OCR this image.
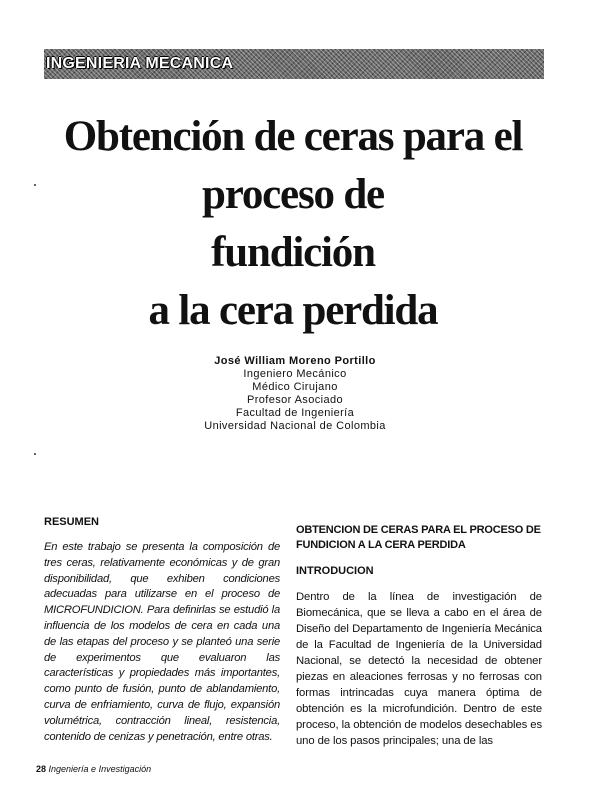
INGENIERIA MECANICA
Obtención de ceras para el
proceso de
fundición
a la cera perdida
José William Moreno Portillo
Ingeniero Mecánico
Médico Cirujano
Profesor Asociado
Facultad de Ingeniería
Universidad Nacional de Colombia
RESUMEN

En este trabajo se presenta la composición de tres ceras, relativamente económicas y de gran disponibilidad, que exhiben condiciones adecuadas para utilizarse en el proceso de MICROFUNDICION. Para definirlas se estudió la influencia de los modelos de cera en cada una de las etapas del proceso y se planteó una serie de experimentos que evaluaron las características y propiedades más importantes, como punto de fusión, punto de ablandamiento, curva de enfriamiento, curva de flujo, expansión volumétrica, contracción lineal, resistencia, contenido de cenizas y penetración, entre otras.

OBTENCION DE CERAS PARA EL PROCESO DE FUNDICION A LA CERA PERDIDA

INTRODUCION

Dentro de la línea de investigación de Biomecánica, que se lleva a cabo en el área de Diseño del Departamento de Ingeniería Mecánica de la Facultad de Ingeniería de la Universidad Nacional, se detectó la necesidad de obtener piezas en aleaciones ferrosas y no ferrosas con formas intrincadas cuya manera óptima de obtención es la microfundición. Dentro de este proceso, la obtención de modelos desechables es uno de los pasos principales; una de las

28 Ingeniería e Investigación
